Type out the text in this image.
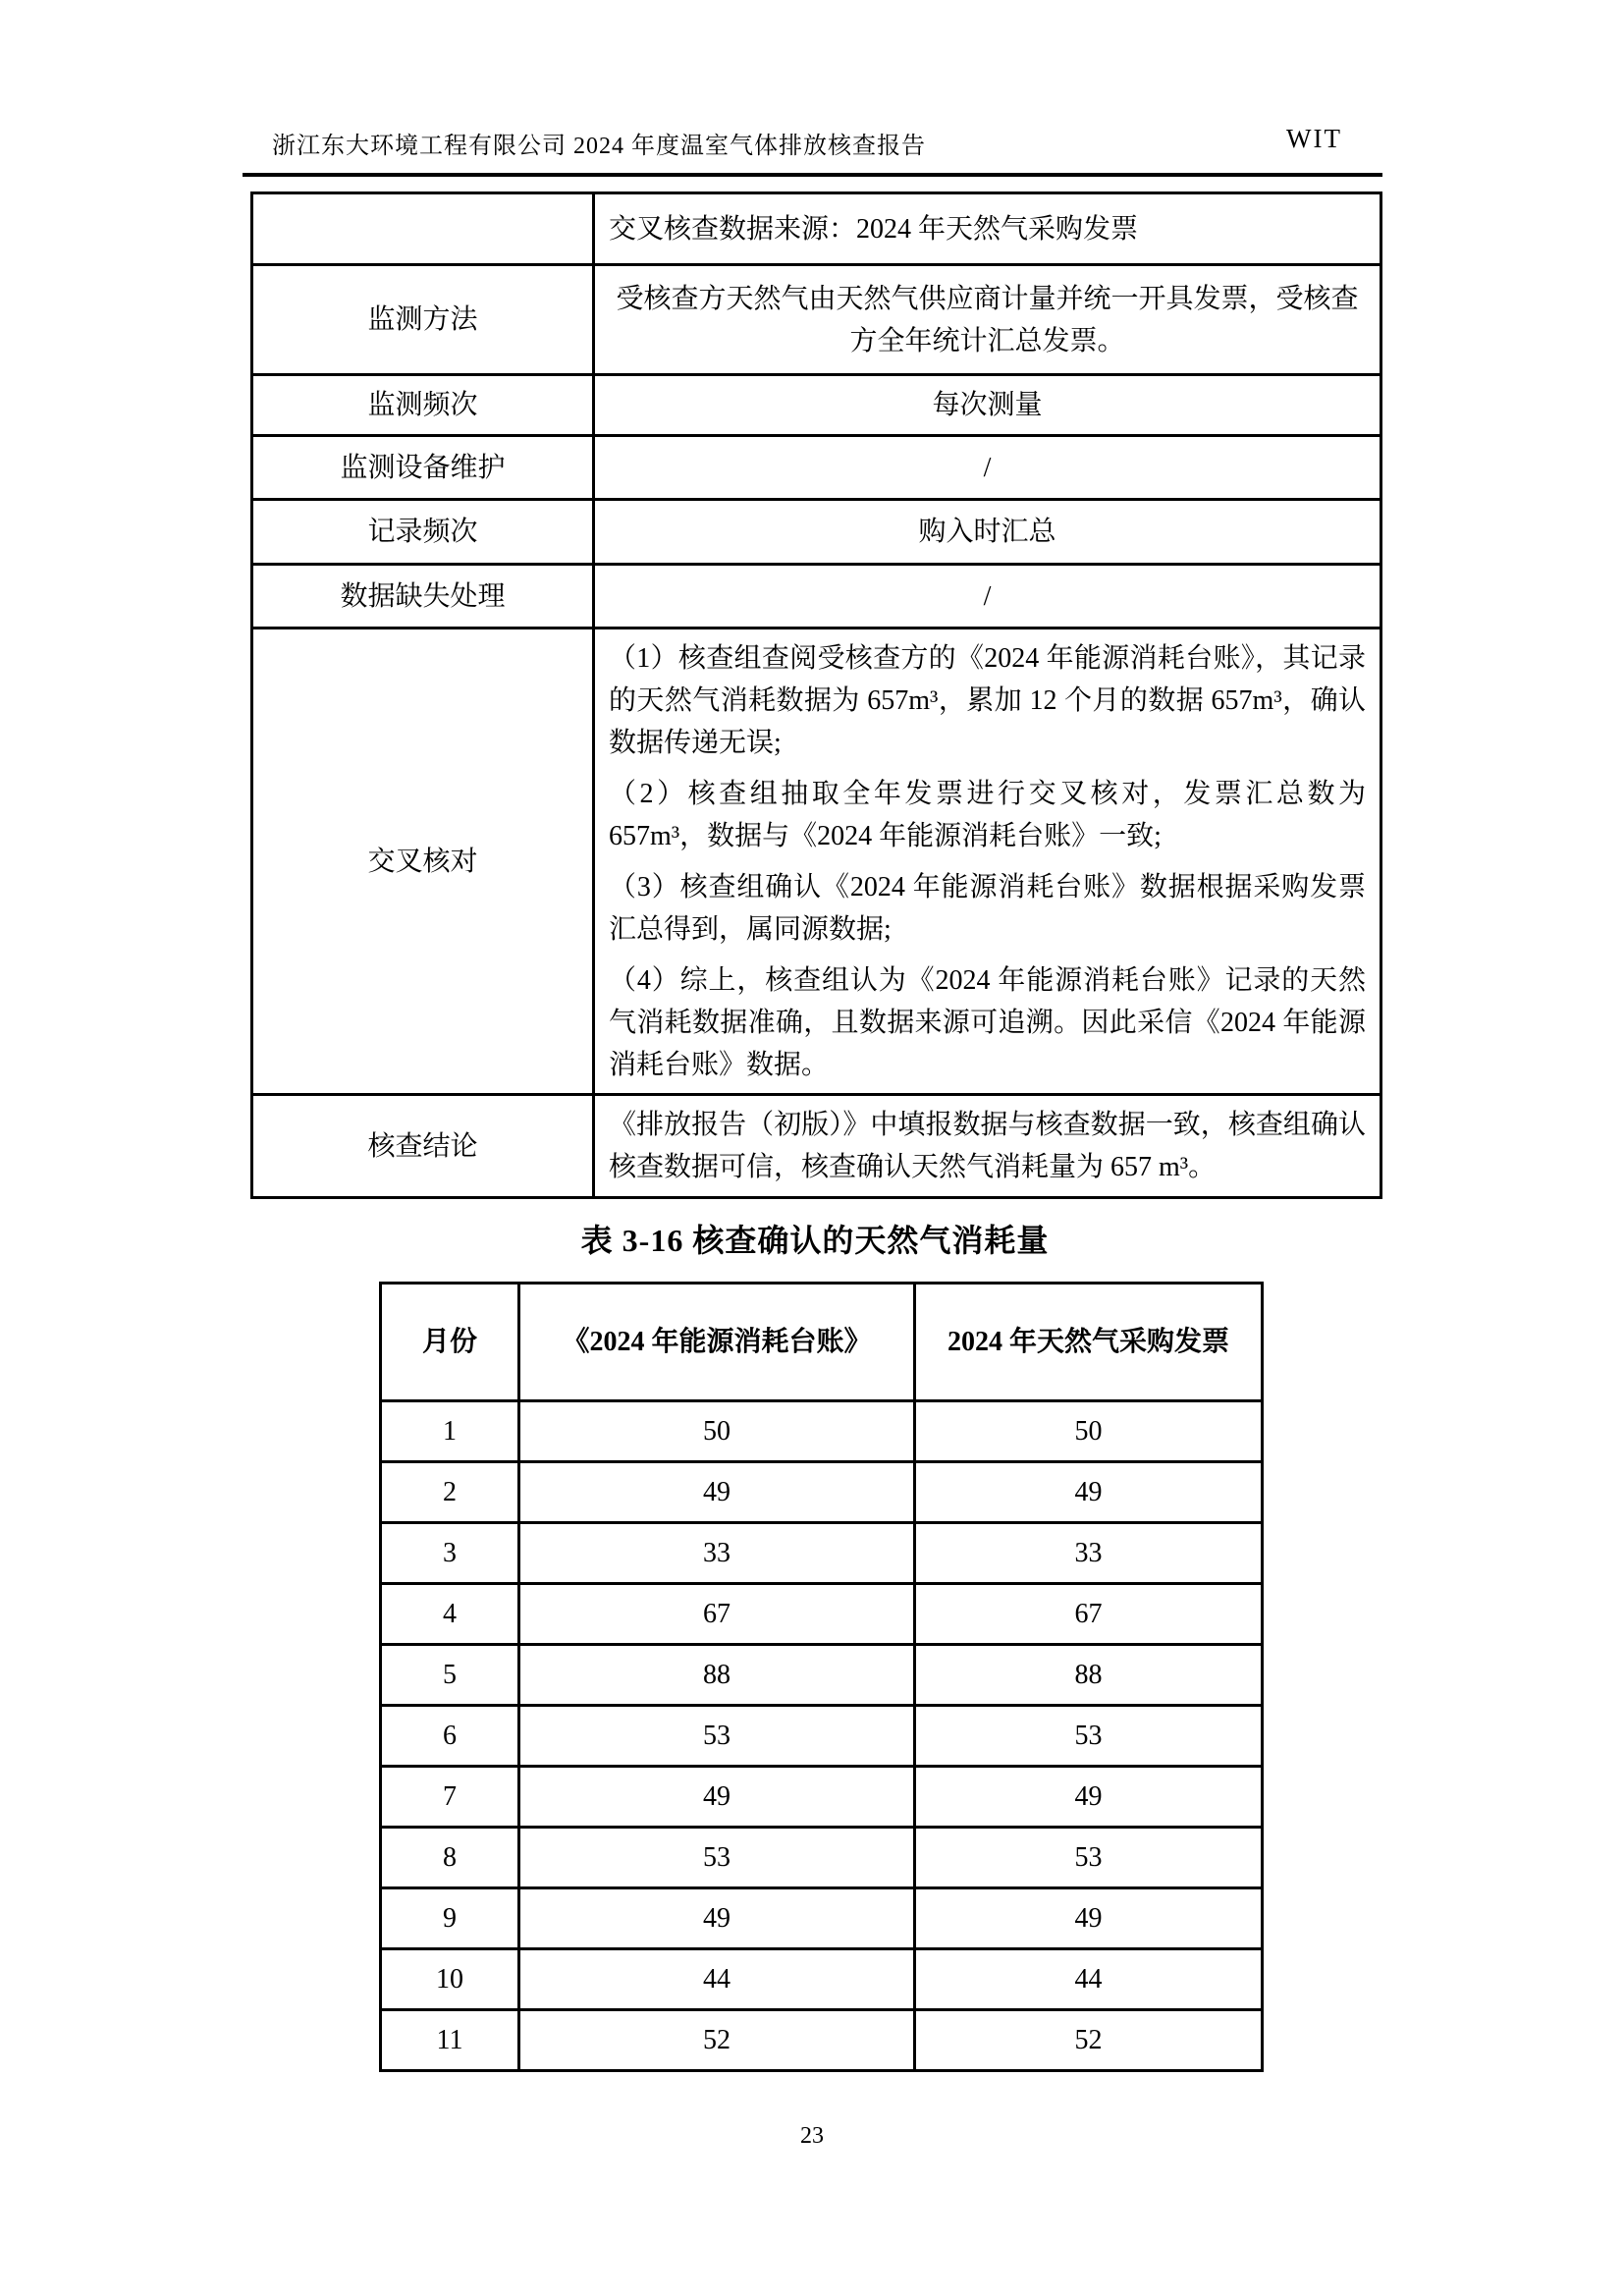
浙江东大环境工程有限公司 2024 年度温室气体排放核查报告	WIT
	交叉核查数据来源：2024 年天然气采购发票
监测方法	受核查方天然气由天然气供应商计量并统一开具发票，受核查方全年统计汇总发票。
监测频次	每次测量
监测设备维护	/
记录频次	购入时汇总
数据缺失处理	/
交叉核对	（1）核查组查阅受核查方的《2024 年能源消耗台账》，其记录的天然气消耗数据为 657m³，累加 12 个月的数据 657m³，确认数据传递无误;

（2）核查组抽取全年发票进行交叉核对，发票汇总数为 657m³，数据与《2024 年能源消耗台账》一致;

（3）核查组确认《2024 年能源消耗台账》数据根据采购发票汇总得到，属同源数据;

（4）综上，核查组认为《2024 年能源消耗台账》记录的天然气消耗数据准确，且数据来源可追溯。因此采信《2024 年能源消耗台账》数据。

核查结论	《排放报告（初版）》中填报数据与核查数据一致，核查组确认核查数据可信，核查确认天然气消耗量为 657 m³。
表 3-16 核查确认的天然气消耗量
月份	《2024 年能源消耗台账》	2024 年天然气采购发票
1	50	50
2	49	49
3	33	33
4	67	67
5	88	88
6	53	53
7	49	49
8	53	53
9	49	49
10	44	44
11	52	52
23
